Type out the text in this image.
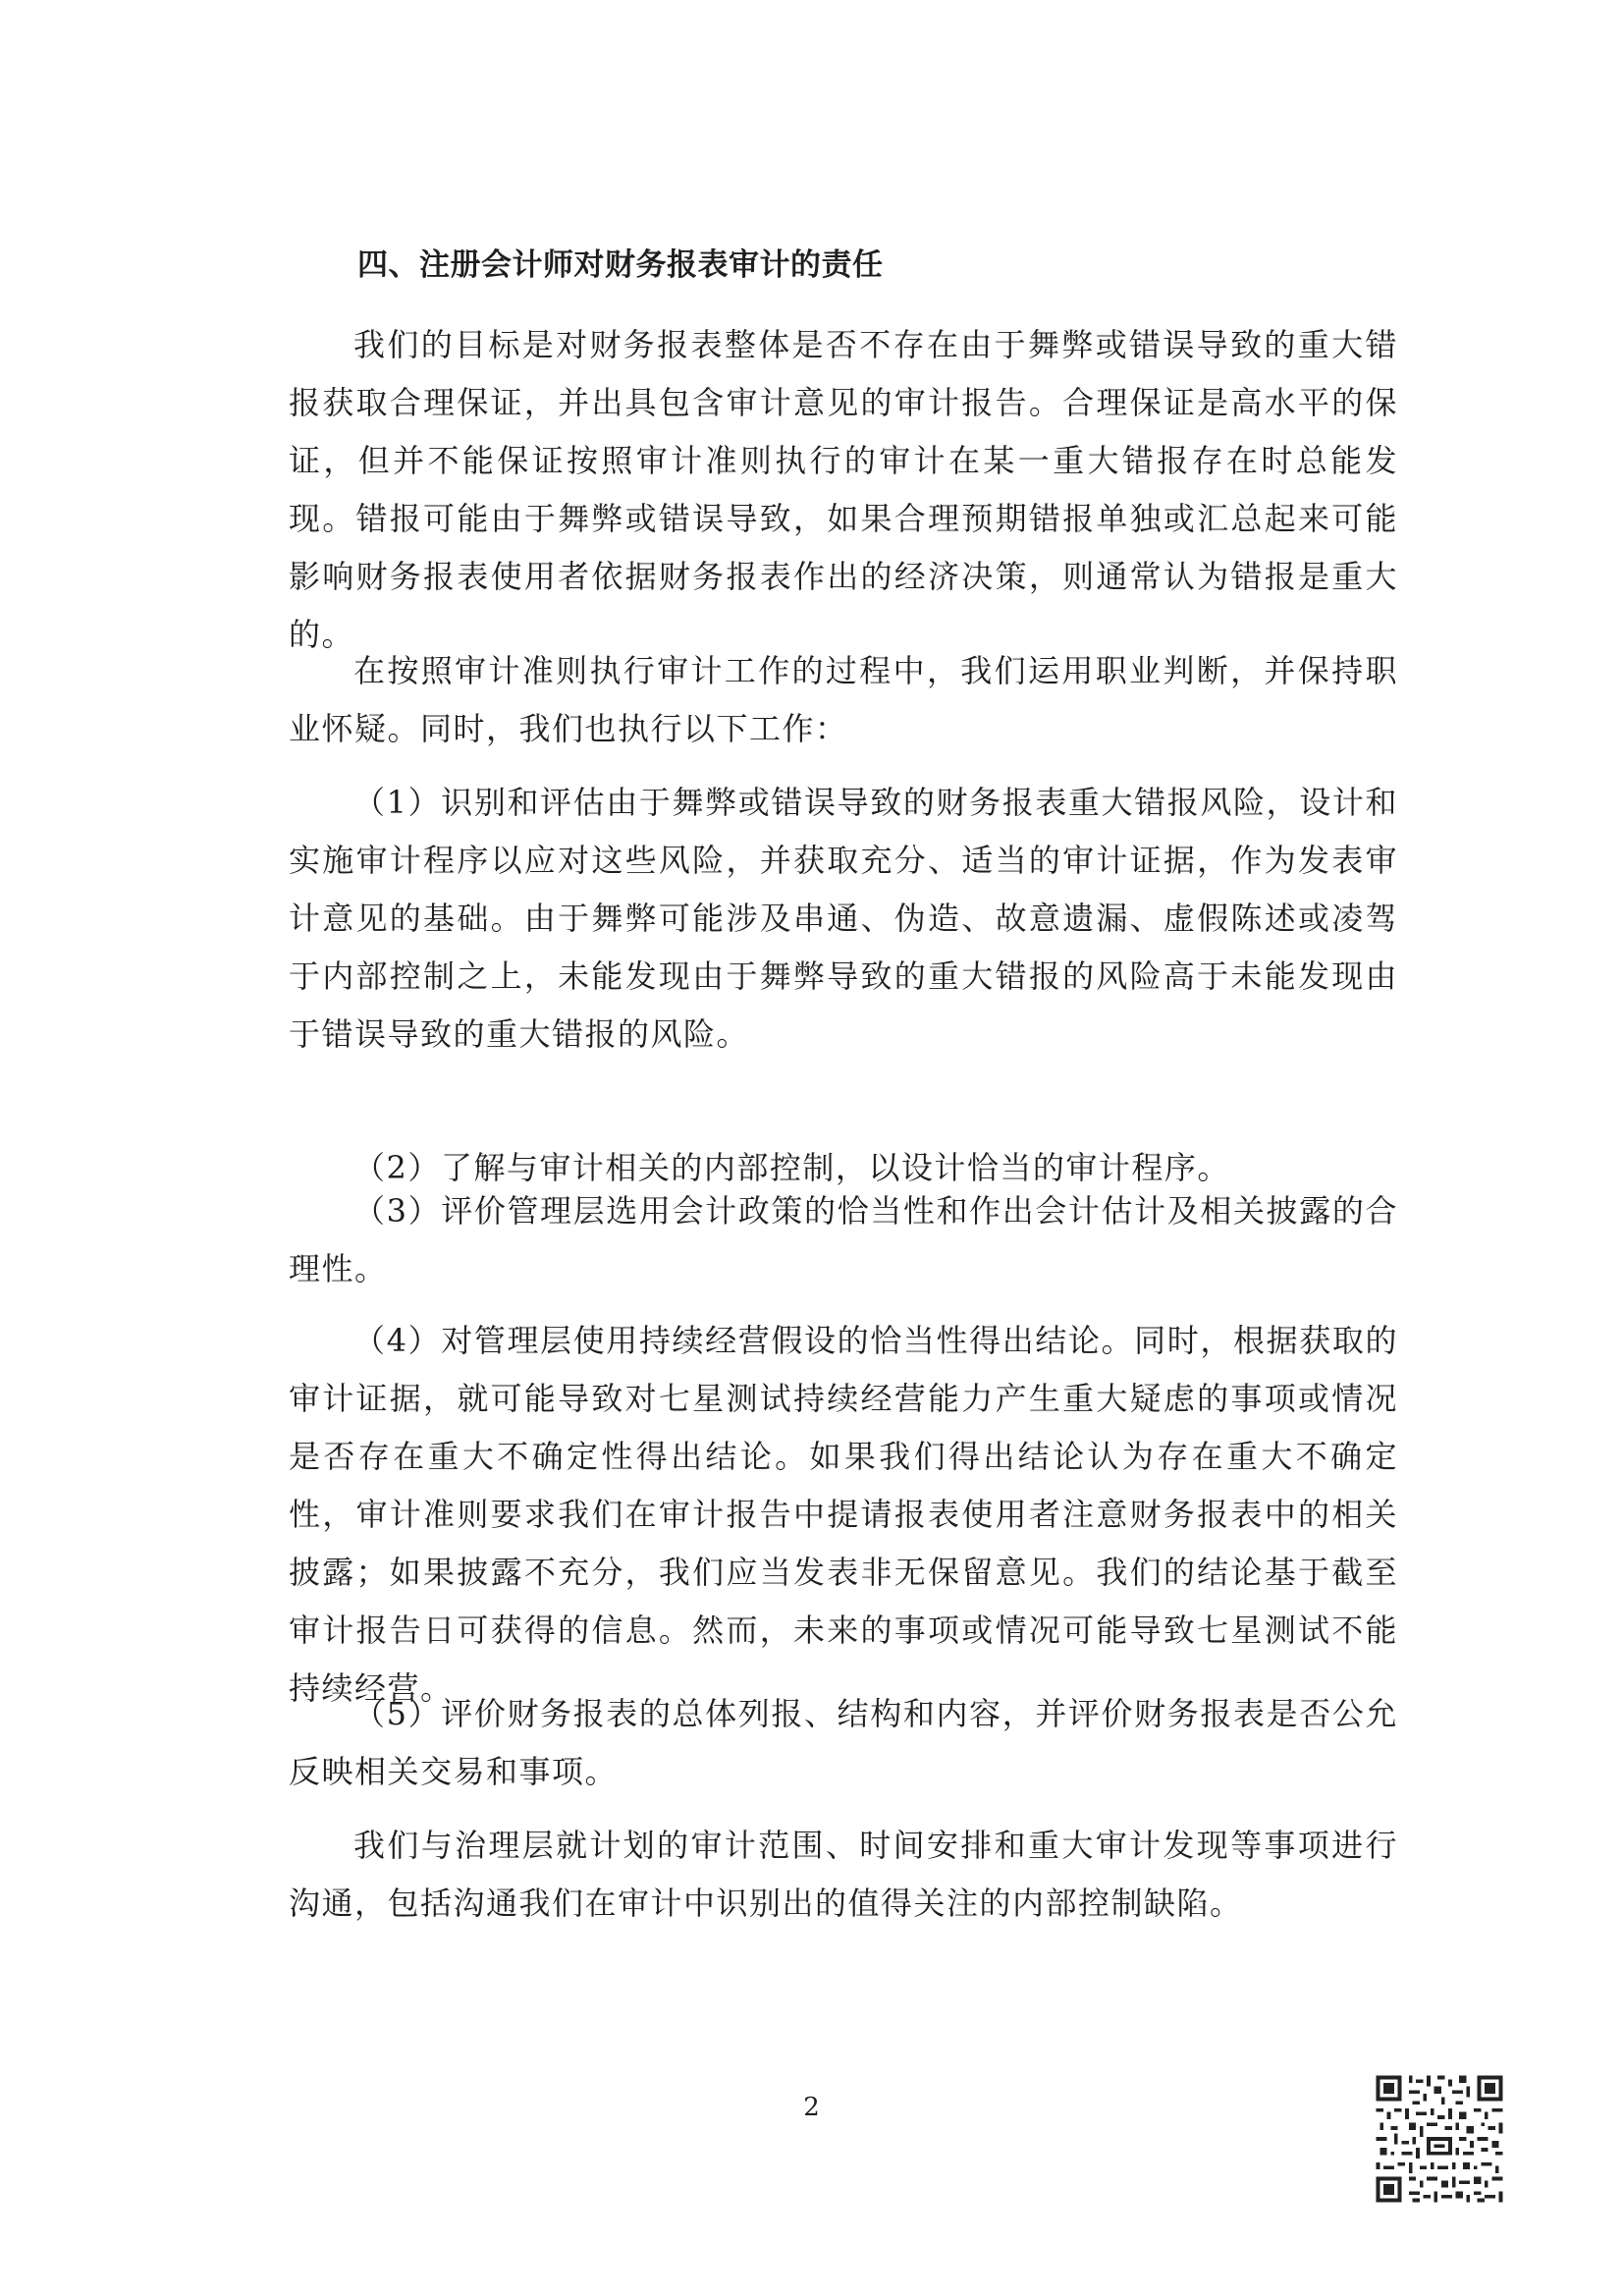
四、注册会计师对财务报表审计的责任

我们的目标是对财务报表整体是否不存在由于舞弊或错误导致的重大错报获取合理保证，并出具包含审计意见的审计报告。合理保证是高水平的保证，但并不能保证按照审计准则执行的审计在某一重大错报存在时总能发现。错报可能由于舞弊或错误导致，如果合理预期错报单独或汇总起来可能影响财务报表使用者依据财务报表作出的经济决策，则通常认为错报是重大的。

在按照审计准则执行审计工作的过程中，我们运用职业判断，并保持职业怀疑。同时，我们也执行以下工作：

（1）识别和评估由于舞弊或错误导致的财务报表重大错报风险，设计和实施审计程序以应对这些风险，并获取充分、适当的审计证据，作为发表审计意见的基础。由于舞弊可能涉及串通、伪造、故意遗漏、虚假陈述或凌驾于内部控制之上，未能发现由于舞弊导致的重大错报的风险高于未能发现由于错误导致的重大错报的风险。

（2）了解与审计相关的内部控制，以设计恰当的审计程序。

（3）评价管理层选用会计政策的恰当性和作出会计估计及相关披露的合理性。

（4）对管理层使用持续经营假设的恰当性得出结论。同时，根据获取的审计证据，就可能导致对七星测试持续经营能力产生重大疑虑的事项或情况是否存在重大不确定性得出结论。如果我们得出结论认为存在重大不确定性，审计准则要求我们在审计报告中提请报表使用者注意财务报表中的相关披露；如果披露不充分，我们应当发表非无保留意见。我们的结论基于截至审计报告日可获得的信息。然而，未来的事项或情况可能导致七星测试不能持续经营。

（5）评价财务报表的总体列报、结构和内容，并评价财务报表是否公允反映相关交易和事项。

我们与治理层就计划的审计范围、时间安排和重大审计发现等事项进行沟通，包括沟通我们在审计中识别出的值得关注的内部控制缺陷。

2
